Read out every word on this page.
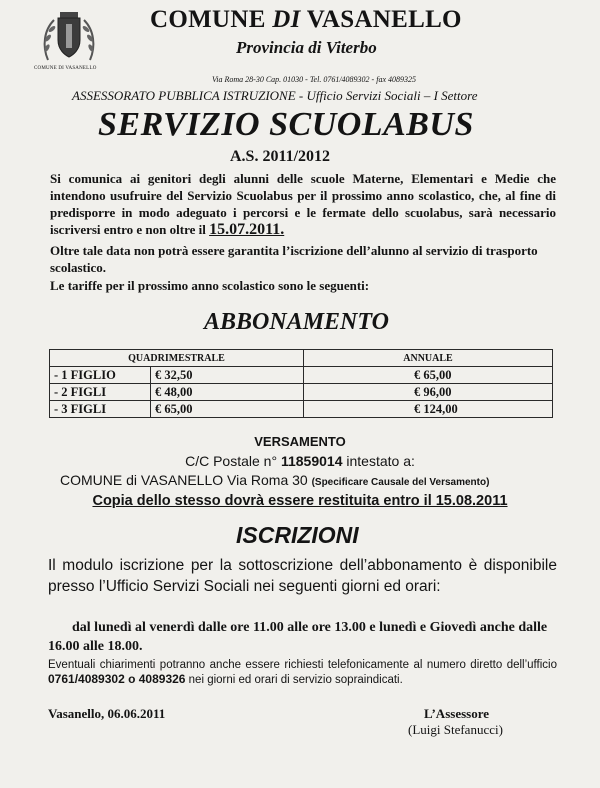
COMUNE DI VASANELLO
COMUNE DI VASANELLO
Provincia di Viterbo
Via Roma 28-30 Cap. 01030 - Tel. 0761/4089302 - fax 4089325
ASSESSORATO PUBBLICA ISTRUZIONE - Ufficio Servizi Sociali – I Settore
SERVIZIO SCUOLABUS
A.S. 2011/2012
Si comunica ai genitori degli alunni delle scuole Materne, Elementari e Medie che intendono usufruire del Servizio Scuolabus per il prossimo anno scolastico, che, al fine di predisporre in modo adeguato i percorsi e le fermate dello scuolabus, sarà necessario iscriversi entro e non oltre il 15.07.2011.
Oltre tale data non potrà essere garantita l’iscrizione dell’alunno al servizio di trasporto scolastico.
Le tariffe per il prossimo anno scolastico sono le seguenti:
ABBONAMENTO
QUADRIMESTRALE		ANNUALE
- 1 FIGLIO	€ 32,50	€ 65,00
- 2 FIGLI	€ 48,00	€ 96,00
- 3 FIGLI	€ 65,00	€ 124,00
VERSAMENTO
C/C Postale n° 11859014 intestato a:
COMUNE di VASANELLO Via Roma 30 (Specificare Causale del Versamento)
Copia dello stesso dovrà essere restituita entro il 15.08.2011
ISCRIZIONI
Il modulo iscrizione per la sottoscrizione dell’abbonamento è disponibile presso l’Ufficio Servizi Sociali nei seguenti giorni ed orari:
dal lunedì al venerdì dalle ore 11.00 alle ore 13.00 e lunedì e Giovedì anche dalle 16.00 alle 18.00.
Eventuali chiarimenti potranno anche essere richiesti telefonicamente al numero diretto dell’ufficio 0761/4089302 o 4089326 nei giorni ed orari di servizio sopraindicati.
Vasanello, 06.06.2011	L’Assessore
(Luigi Stefanucci)
